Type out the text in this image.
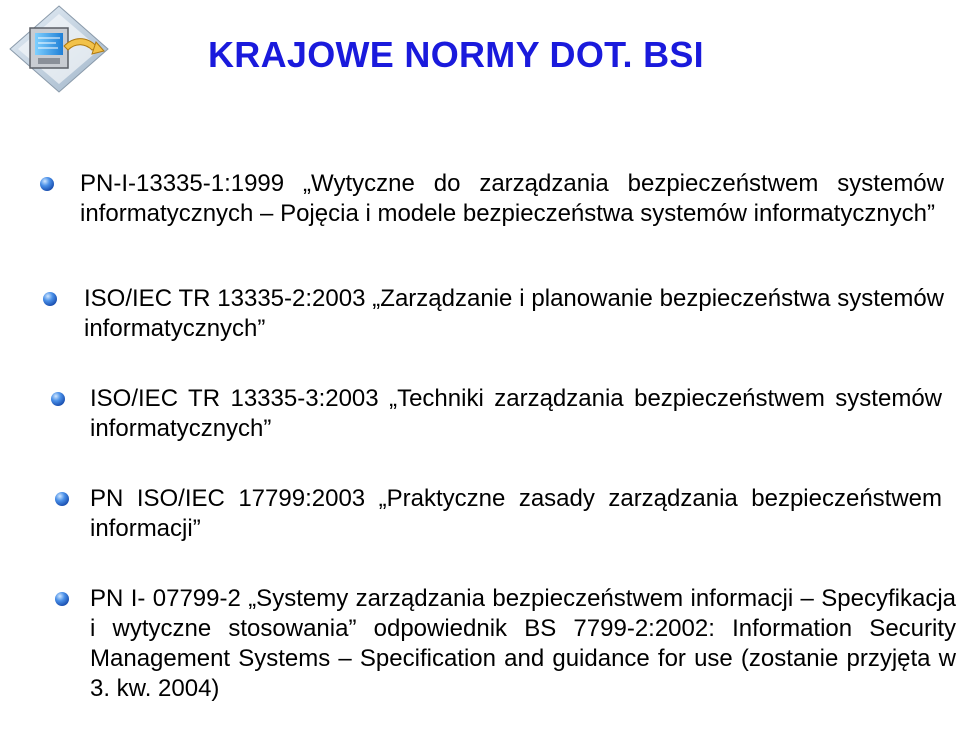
KRAJOWE NORMY DOT. BSI
PN-I-13335-1:1999 „Wytyczne do zarządzania bezpieczeństwem systemów informatycznych – Pojęcia i modele bezpieczeństwa systemów informatycznych”
ISO/IEC TR 13335-2:2003 „Zarządzanie i planowanie bezpieczeństwa systemów informatycznych”
ISO/IEC TR 13335-3:2003 „Techniki zarządzania bezpieczeństwem systemów informatycznych”
PN ISO/IEC 17799:2003 „Praktyczne zasady zarządzania bezpieczeństwem informacji”
PN I- 07799-2 „Systemy zarządzania bezpieczeństwem informacji – Specyfikacja i wytyczne stosowania” odpowiednik BS 7799-2:2002: Information Security Management Systems – Specification and guidance for use (zostanie przyjęta w 3. kw. 2004)
